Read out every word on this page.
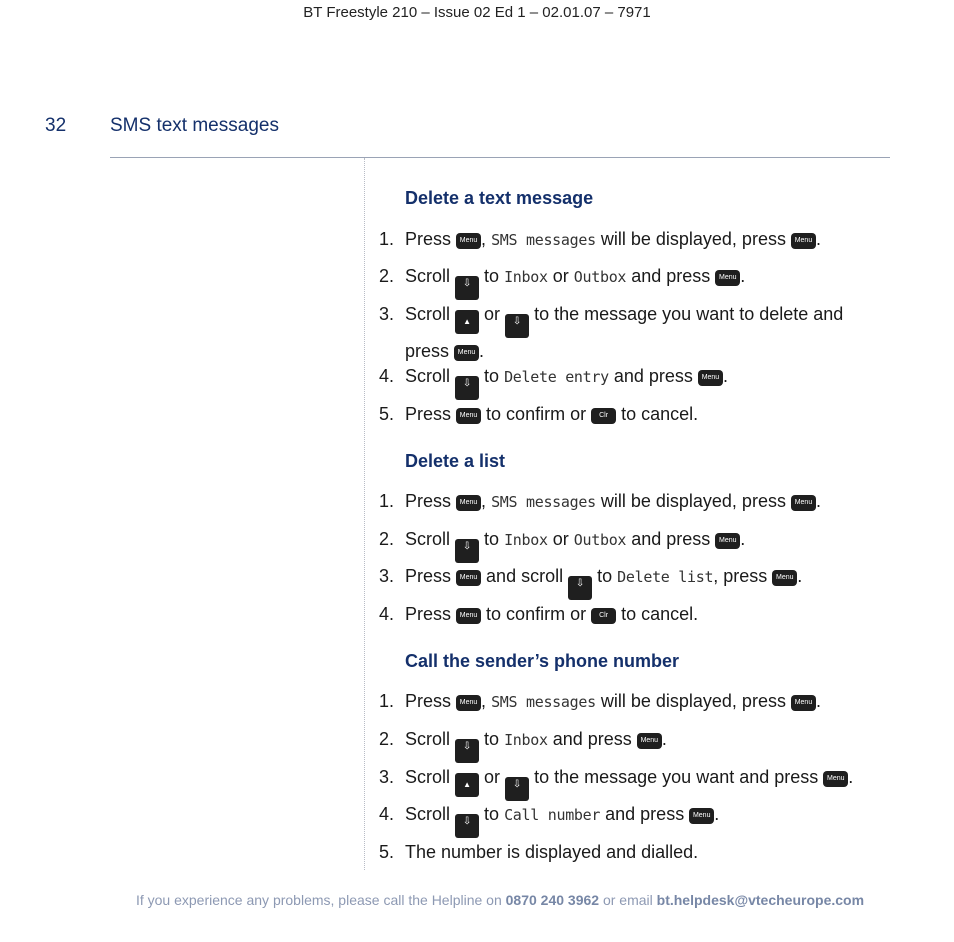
BT Freestyle 210 – Issue 02 Ed 1 – 02.01.07 – 7971
32 SMS text messages
Delete a text message
1. Press Menu , SMS messages will be displayed, press Menu .
2. Scroll	⇩ to Inbox or Outbox and press Menu .
3. Scroll	▲ or	⇩ to the message you want to delete and
press Menu .
4. Scroll	⇩ to Delete entry and press Menu .
5. Press Menu to confirm or Clr to cancel.
Delete a list
1. Press Menu , SMS messages will be displayed, press Menu .
2. Scroll	⇩ to Inbox or Outbox and press Menu .
3. Press Menu and scroll	⇩ to Delete list, press Menu .
4. Press Menu to confirm or Clr to cancel.
Call the sender’s phone number
1. Press Menu , SMS messages will be displayed, press Menu .
2. Scroll	⇩ to Inbox and press Menu .
3. Scroll	▲ or	⇩ to the message you want and press Menu .
4. Scroll	⇩ to Call number and press Menu .
5. The number is displayed and dialled.
If you experience any problems, please call the Helpline on 0870 240 3962 or email bt.helpdesk@vtecheurope.com
